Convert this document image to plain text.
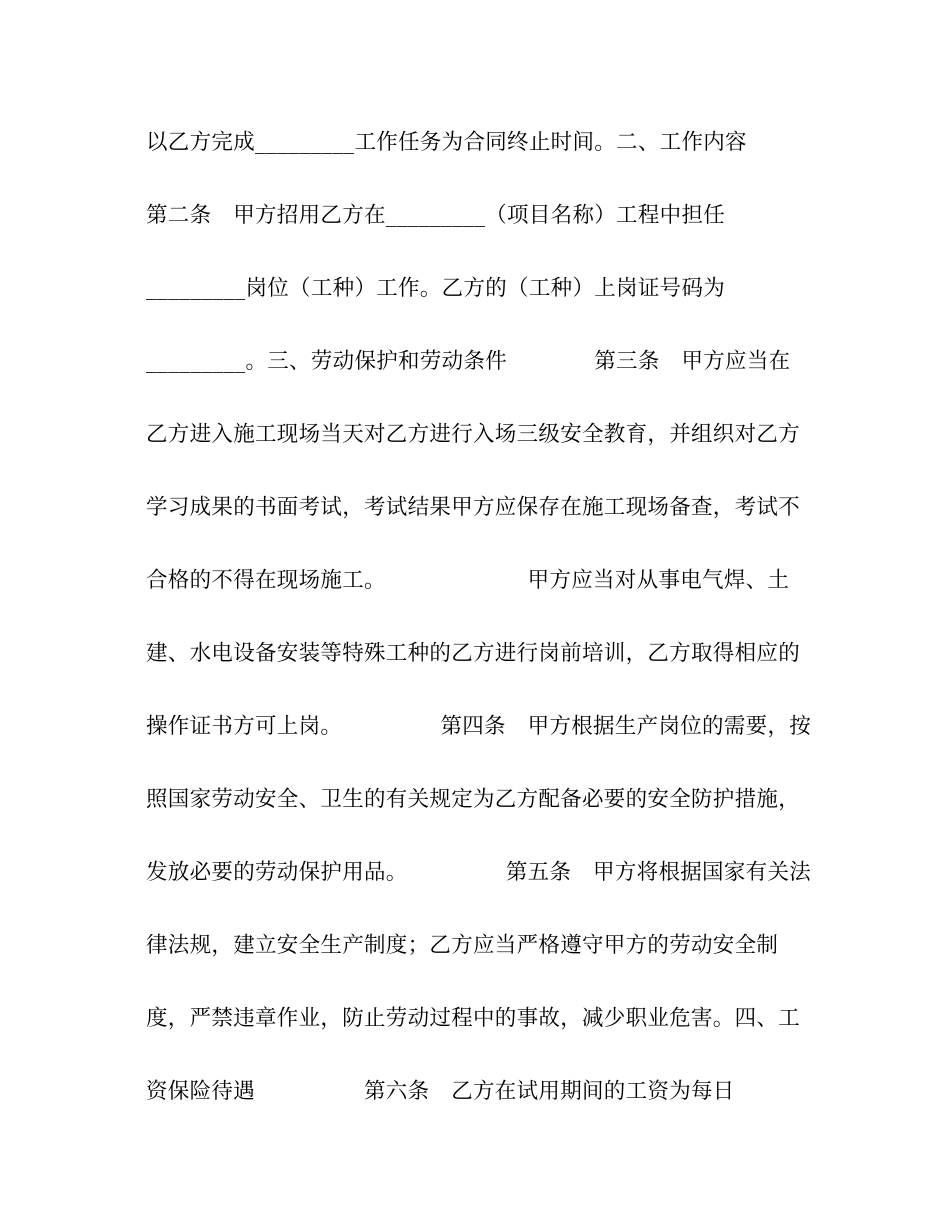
以乙方完成_________工作任务为合同终止时间。二、工作内容
第二条　甲方招用乙方在_________（项目名称）工程中担任
_________岗位（工种）工作。乙方的（工种）上岗证号码为
_________。三、劳动保护和劳动条件　　　　第三条　甲方应当在
乙方进入施工现场当天对乙方进行入场三级安全教育，并组织对乙方
学习成果的书面考试，考试结果甲方应保存在施工现场备查，考试不
合格的不得在现场施工。　　　　　　　甲方应当对从事电气焊、土
建、水电设备安装等特殊工种的乙方进行岗前培训，乙方取得相应的
操作证书方可上岗。　　　　　第四条　甲方根据生产岗位的需要，按
照国家劳动安全、卫生的有关规定为乙方配备必要的安全防护措施，
发放必要的劳动保护用品。　　　　　第五条　甲方将根据国家有关法
律法规，建立安全生产制度；乙方应当严格遵守甲方的劳动安全制
度，严禁违章作业，防止劳动过程中的事故，减少职业危害。四、工
资保险待遇　　　　　第六条　乙方在试用期间的工资为每日
